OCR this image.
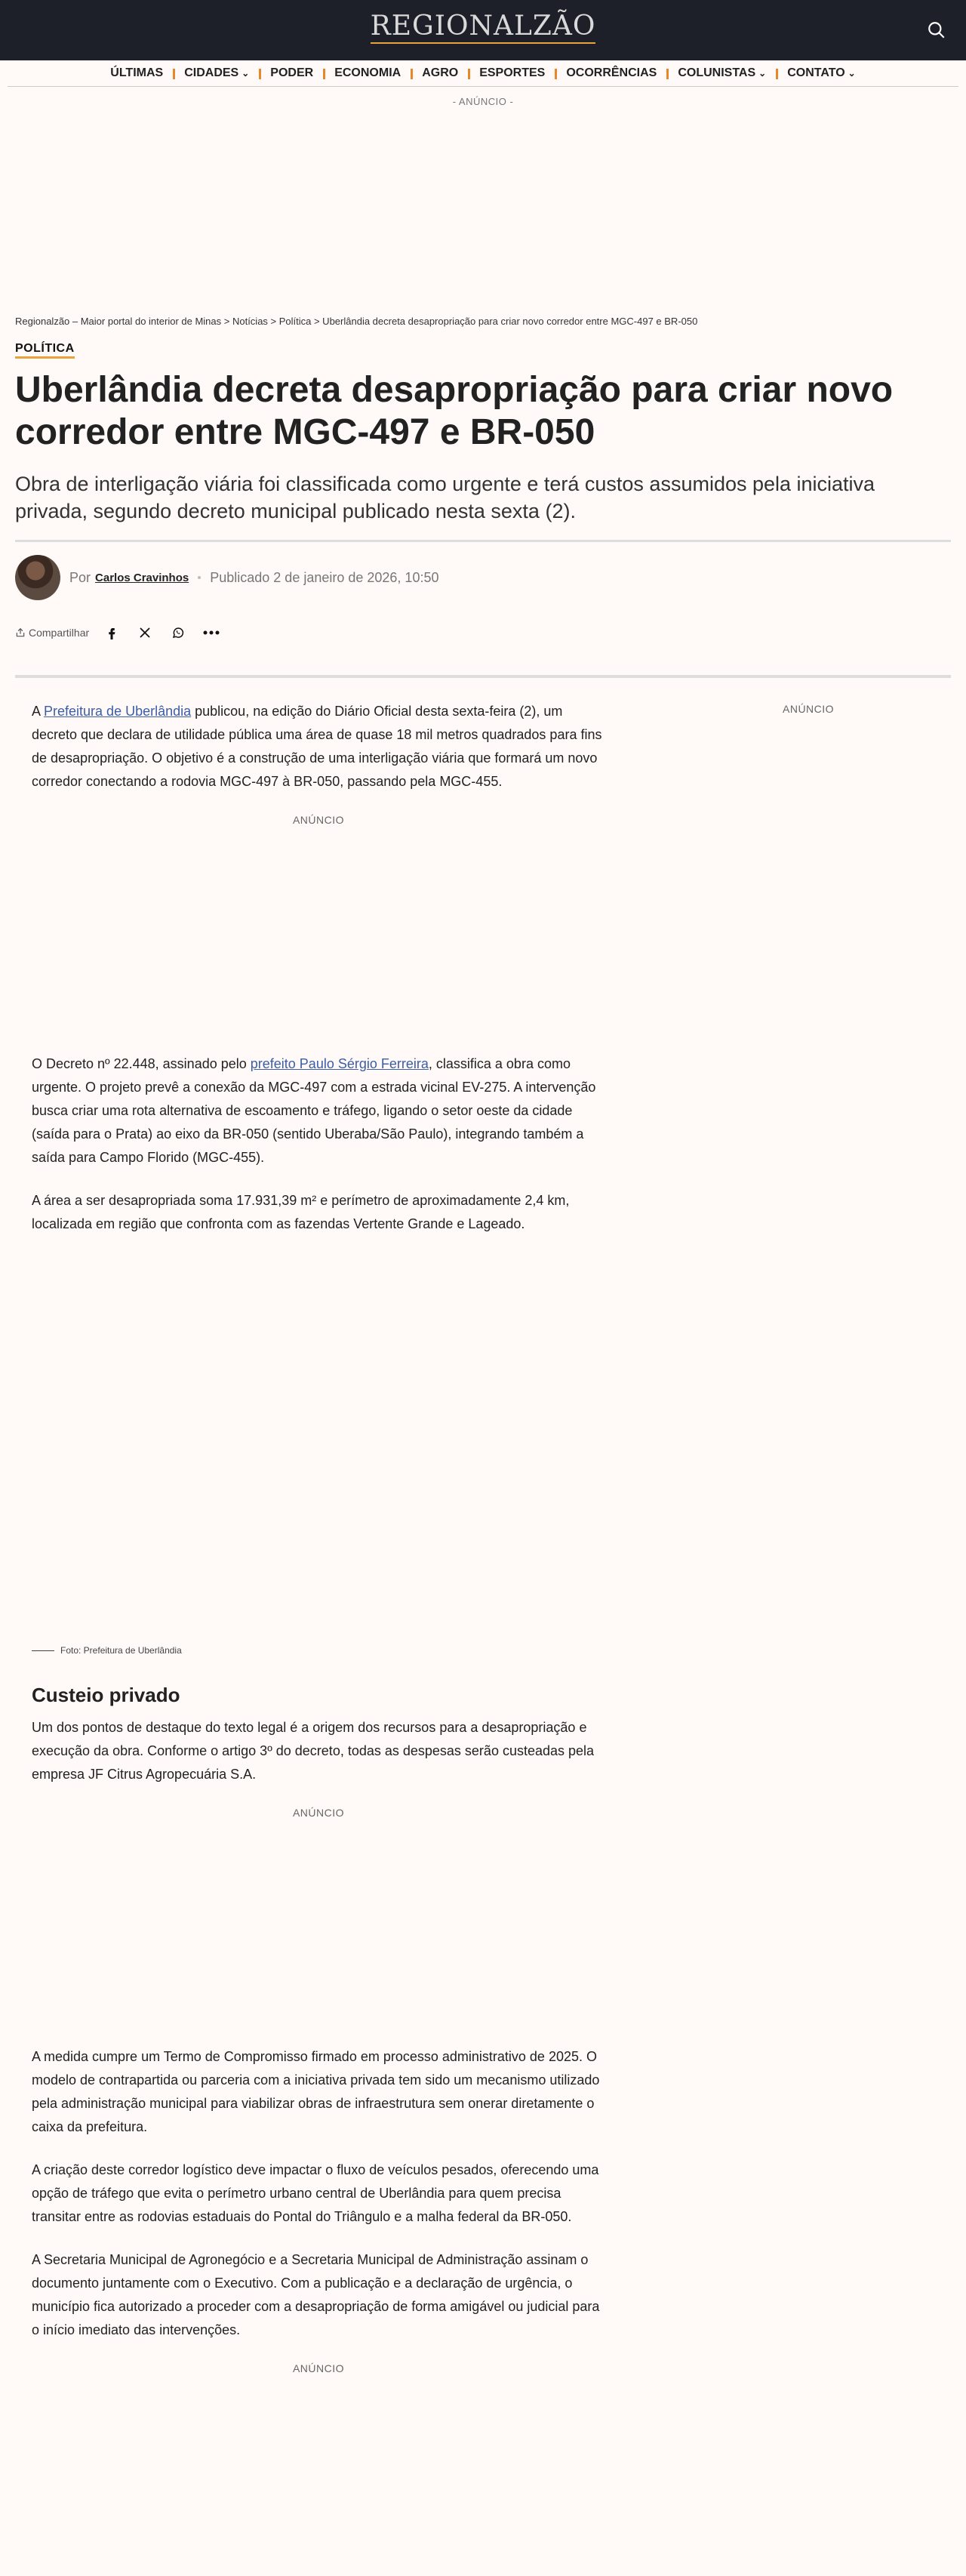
REGIONALZÃO
ÚLTIMAS CIDADES ⌄ PODER ECONOMIA AGRO ESPORTES OCORRÊNCIAS COLUNISTAS ⌄ CONTATO ⌄
- ANÚNCIO -
Regionalzão – Maior portal do interior de Minas > Notícias > Política > Uberlândia decreta desapropriação para criar novo corredor entre MGC-497 e BR-050
POLÍTICA
Uberlândia decreta desapropriação para criar novo corredor entre MGC-497 e BR-050
Obra de interligação viária foi classificada como urgente e terá custos assumidos pela iniciativa privada, segundo decreto municipal publicado nesta sexta (2).
Por Carlos Cravinhos Publicado 2 de janeiro de 2026, 10:50
Compartilhar
ANÚNCIO

A Prefeitura de Uberlândia publicou, na edição do Diário Oficial desta sexta-feira (2), um decreto que declara de utilidade pública uma área de quase 18 mil metros quadrados para fins de desapropriação. O objetivo é a construção de uma interligação viária que formará um novo corredor conectando a rodovia MGC-497 à BR-050, passando pela MGC-455.

ANÚNCIO

O Decreto nº 22.448, assinado pelo prefeito Paulo Sérgio Ferreira, classifica a obra como urgente. O projeto prevê a conexão da MGC-497 com a estrada vicinal EV-275. A intervenção busca criar uma rota alternativa de escoamento e tráfego, ligando o setor oeste da cidade (saída para o Prata) ao eixo da BR-050 (sentido Uberaba/São Paulo), integrando também a saída para Campo Florido (MGC-455).

A área a ser desapropriada soma 17.931,39 m² e perímetro de aproximadamente 2,4 km, localizada em região que confronta com as fazendas Vertente Grande e Lageado.

Foto: Prefeitura de Uberlândia
Custeio privado

Um dos pontos de destaque do texto legal é a origem dos recursos para a desapropriação e execução da obra. Conforme o artigo 3º do decreto, todas as despesas serão custeadas pela empresa JF Citrus Agropecuária S.A.

ANÚNCIO

A medida cumpre um Termo de Compromisso firmado em processo administrativo de 2025. O modelo de contrapartida ou parceria com a iniciativa privada tem sido um mecanismo utilizado pela administração municipal para viabilizar obras de infraestrutura sem onerar diretamente o caixa da prefeitura.

A criação deste corredor logístico deve impactar o fluxo de veículos pesados, oferecendo uma opção de tráfego que evita o perímetro urbano central de Uberlândia para quem precisa transitar entre as rodovias estaduais do Pontal do Triângulo e a malha federal da BR-050.

A Secretaria Municipal de Agronegócio e a Secretaria Municipal de Administração assinam o documento juntamente com o Executivo. Com a publicação e a declaração de urgência, o município fica autorizado a proceder com a desapropriação de forma amigável ou judicial para o início imediato das intervenções.

ANÚNCIO
